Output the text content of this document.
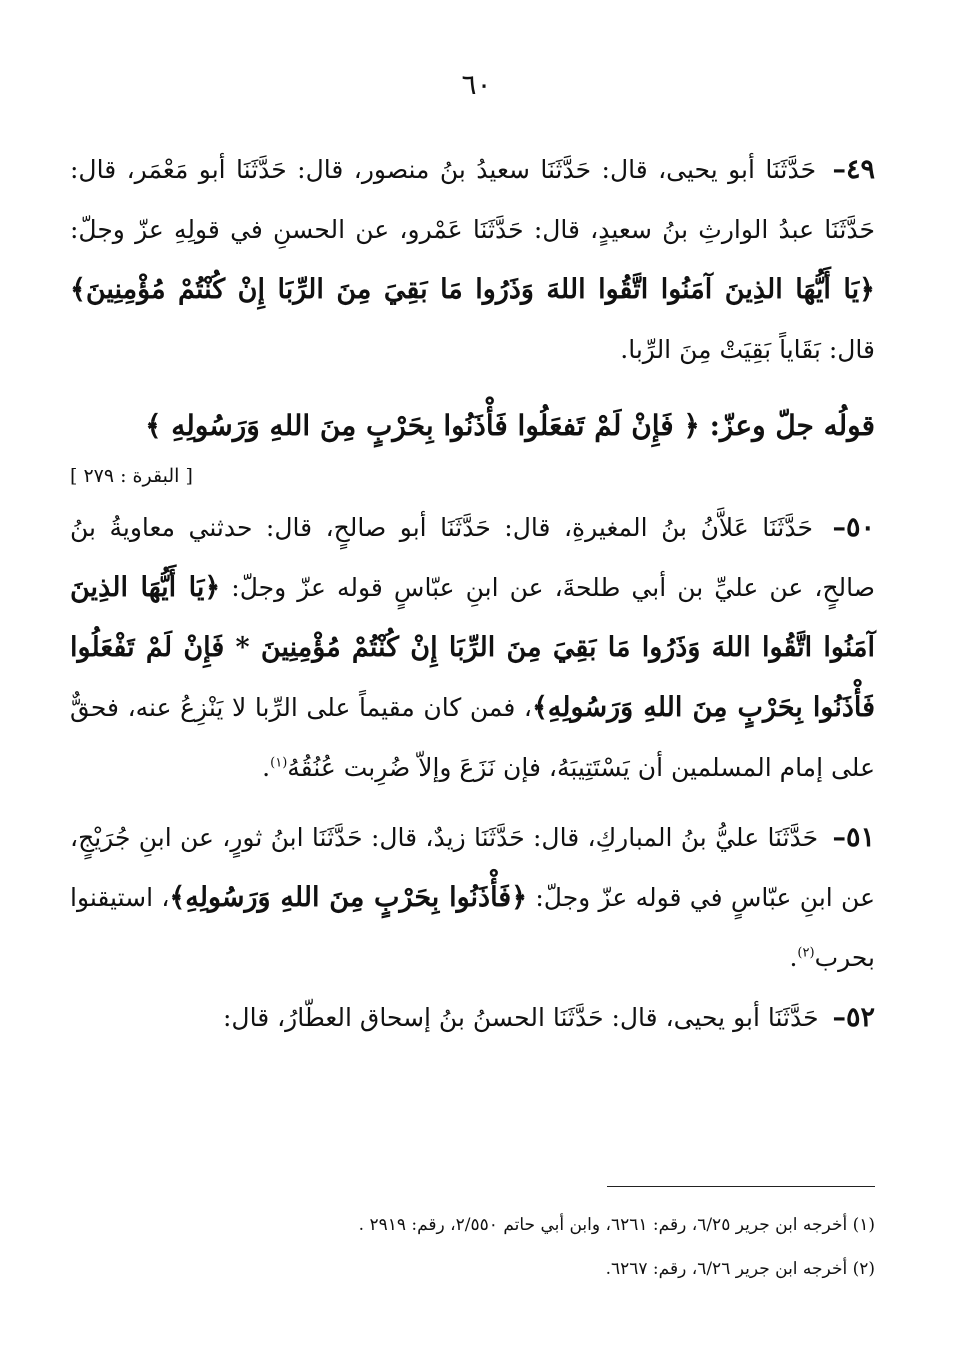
٦٠

٤٩– حَدَّثَنَا أبو يحيى، قال: حَدَّثَنَا سعيدُ بنُ منصور، قال: حَدَّثَنَا أبو مَعْمَر، قال: حَدَّثَنَا عبدُ الوارثِ بنُ سعيدٍ، قال: حَدَّثَنَا عَمْرو، عن الحسنِ في قولِهِ عزّ وجلّ: ﴿يَا أَيُّهَا الذِينَ آمَنُوا اتَّقُوا اللهَ وَذَرُوا مَا بَقِيَ مِنَ الرِّبَا إِنْ كُنْتُمْ مُؤْمِنِينَ﴾ قال: بَقَاياً بَقِيَتْ مِنَ الرِّبا.

قولُه جلّ وعزّ: ﴿ فَإِنْ لَمْ تَفعَلُوا فَأْذَنُوا بِحَرْبٍ مِنَ اللهِ وَرَسُولِهِ ﴾

[ البقرة : ٢٧٩ ]

٥٠– حَدَّثَنَا عَلاَّنُ بنُ المغيرةِ، قال: حَدَّثَنَا أبو صالحٍ، قال: حدثني معاويةُ بنُ صالحٍ، عن عليِّ بن أبي طلحةَ، عن ابنِ عبّاسٍ قوله عزّ وجلّ: ﴿يَا أَيُّهَا الذِينَ آمَنُوا اتَّقُوا اللهَ وَذَرُوا مَا بَقِيَ مِنَ الرِّبَا إِنْ كُنْتُمْ مُؤْمِنِينَ * فَإِنْ لَمْ تَفْعَلُوا فَأْذَنُوا بِحَرْبٍ مِنَ اللهِ وَرَسُولِهِ﴾، فمن كان مقيماً على الرِّبا لا يَنْزِعُ عنه، فحقٌّ على إمام المسلمين أن يَسْتَتِيبَهُ، فإن نَزَعَ وإلاّ ضُرِبت عُنُقُهُ$^{(١)}$.

٥١– حَدَّثَنَا عليُّ بنُ المباركِ، قال: حَدَّثَنَا زيدٌ، قال: حَدَّثَنَا ابنُ ثورٍ، عن ابنِ جُرَيْجٍ، عن ابنِ عبّاسٍ في قوله عزّ وجلّ: ﴿فَأْذَنُوا بِحَرْبٍ مِنَ اللهِ وَرَسُولِهِ﴾، استيقنوا بحرب$^{(٢)}$.

٥٢– حَدَّثَنَا أبو يحيى، قال: حَدَّثَنَا الحسنُ بنُ إسحاق العطّارُ، قال:

(١) أخرجه ابن جرير ٦/٢٥، رقم: ٦٢٦١، وابن أبي حاتم ٢/٥٥٠، رقم: ٢٩١٩ .

(٢) أخرجه ابن جرير ٦/٢٦، رقم: ٦٢٦٧.
